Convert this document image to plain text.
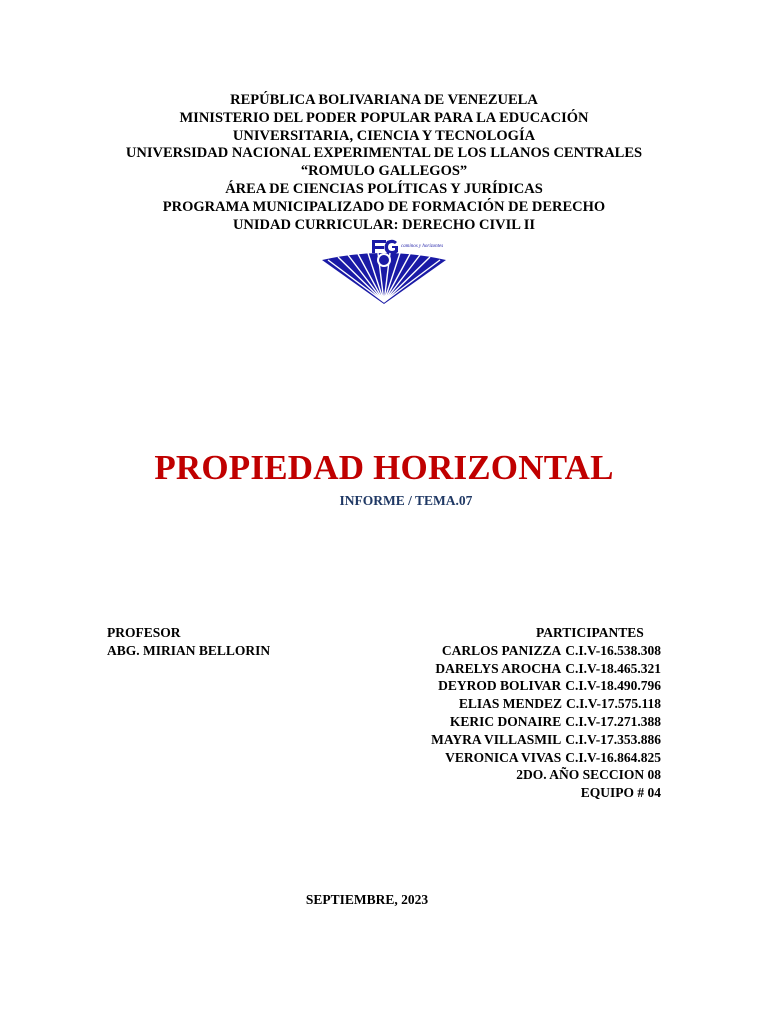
REPÚBLICA BOLIVARIANA DE VENEZUELA
MINISTERIO DEL PODER POPULAR PARA LA EDUCACIÓN
UNIVERSITARIA, CIENCIA Y TECNOLOGÍA
UNIVERSIDAD NACIONAL EXPERIMENTAL DE LOS LLANOS CENTRALES
“ROMULO GALLEGOS”
ÁREA DE CIENCIAS POLÍTICAS Y JURÍDICAS
PROGRAMA MUNICIPALIZADO DE FORMACIÓN DE DERECHO
UNIDAD CURRICULAR: DERECHO CIVIL II
caminos y horizontes
PROPIEDAD HORIZONTAL
INFORME / TEMA.07
PROFESOR
ABG. MIRIAN BELLORIN
PARTICIPANTES
CARLOS PANIZZA C.I.V-16.538.308
DARELYS AROCHA C.I.V-18.465.321
DEYROD BOLIVAR C.I.V-18.490.796
ELIAS MENDEZ C.I.V-17.575.118
KERIC DONAIRE C.I.V-17.271.388
MAYRA VILLASMIL C.I.V-17.353.886
VERONICA VIVAS C.I.V-16.864.825
2DO. AÑO SECCION 08
EQUIPO # 04
SEPTIEMBRE, 2023
